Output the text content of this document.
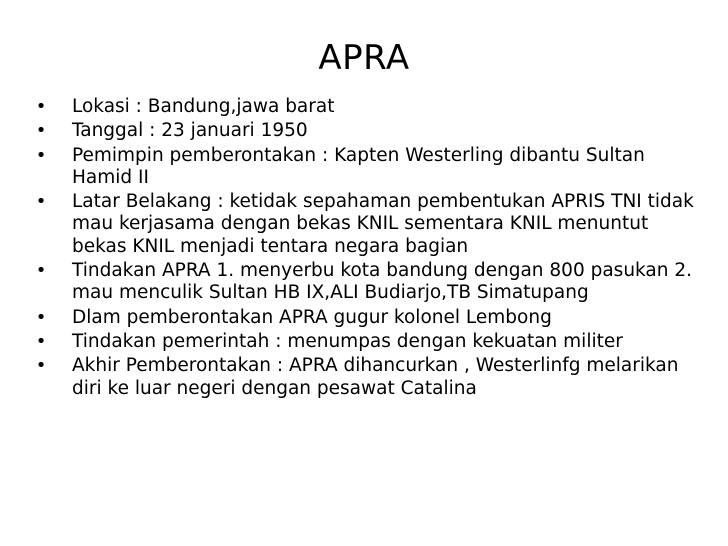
APRA
• Lokasi : Bandung,jawa barat
• Tanggal : 23 januari 1950
• Pemimpin pemberontakan : Kapten Westerling dibantu Sultan Hamid II
• Latar Belakang : ketidak sepahaman pembentukan APRIS TNI tidak mau kerjasama dengan bekas KNIL sementara KNIL menuntut bekas KNIL menjadi tentara negara bagian
• Tindakan APRA 1. menyerbu kota bandung dengan 800 pasukan 2. mau menculik Sultan HB IX,ALI Budiarjo,TB Simatupang
• Dlam pemberontakan APRA gugur kolonel Lembong
• Tindakan pemerintah : menumpas dengan kekuatan militer
• Akhir Pemberontakan : APRA dihancurkan , Westerlinfg melarikan diri ke luar negeri dengan pesawat Catalina
